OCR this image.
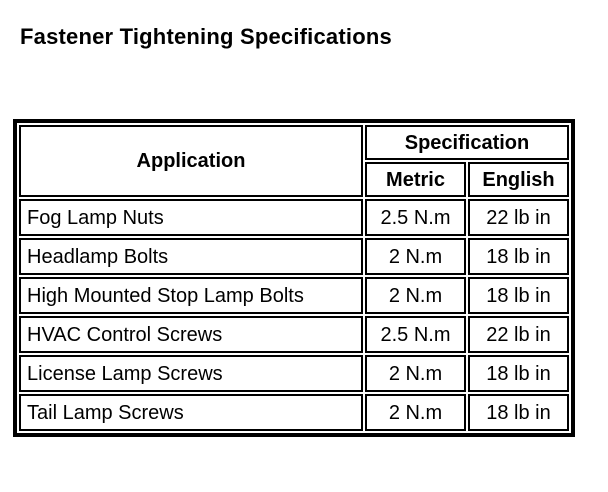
Fastener Tightening Specifications
Application	Specification	
	Metric	English
Fog Lamp Nuts	2.5 N.m	22 lb in
Headlamp Bolts	2 N.m	18 lb in
High Mounted Stop Lamp Bolts	2 N.m	18 lb in
HVAC Control Screws	2.5 N.m	22 lb in
License Lamp Screws	2 N.m	18 lb in
Tail Lamp Screws	2 N.m	18 lb in
